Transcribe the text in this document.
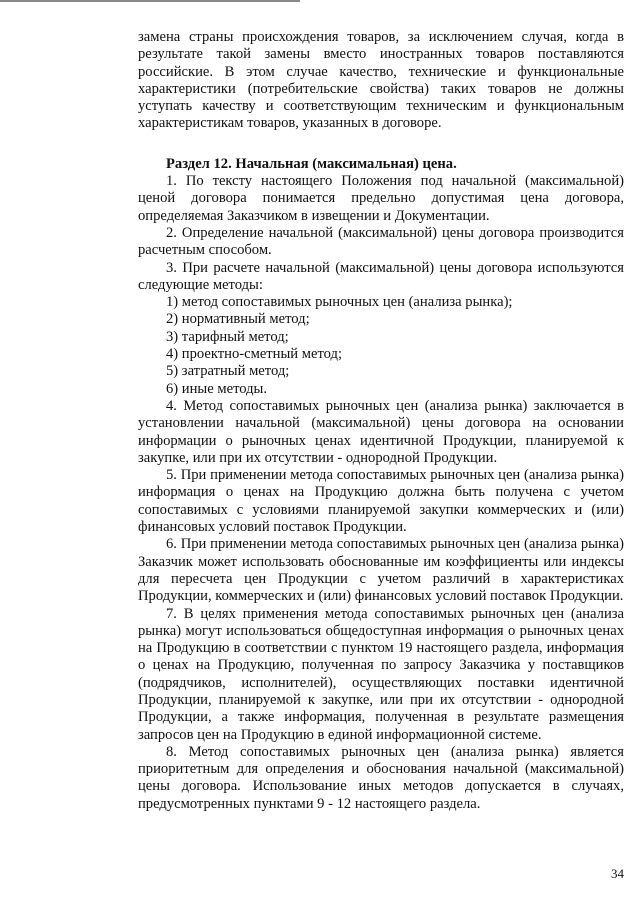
замена страны происхождения товаров, за исключением случая, когда в результате такой замены вместо иностранных товаров поставляются российские. В этом случае качество, технические и функциональные характеристики (потребительские свойства) таких товаров не должны уступать качеству и соответствующим техническим и функциональным характеристикам товаров, указанных в договоре.

Раздел 12. Начальная (максимальная) цена.

1. По тексту настоящего Положения под начальной (максимальной) ценой договора понимается предельно допустимая цена договора, определяемая Заказчиком в извещении и Документации.

2. Определение начальной (максимальной) цены договора производится расчетным способом.

3. При расчете начальной (максимальной) цены договора используются следующие методы:

1) метод сопоставимых рыночных цен (анализа рынка);

2) нормативный метод;

3) тарифный метод;

4) проектно-сметный метод;

5) затратный метод;

6) иные методы.

4. Метод сопоставимых рыночных цен (анализа рынка) заключается в установлении начальной (максимальной) цены договора на основании информации о рыночных ценах идентичной Продукции, планируемой к закупке, или при их отсутствии - однородной Продукции.

5. При применении метода сопоставимых рыночных цен (анализа рынка) информация о ценах на Продукцию должна быть получена с учетом сопоставимых с условиями планируемой закупки коммерческих и (или) финансовых условий поставок Продукции.

6. При применении метода сопоставимых рыночных цен (анализа рынка) Заказчик может использовать обоснованные им коэффициенты или индексы для пересчета цен Продукции с учетом различий в характеристиках Продукции, коммерческих и (или) финансовых условий поставок Продукции.

7. В целях применения метода сопоставимых рыночных цен (анализа рынка) могут использоваться общедоступная информация о рыночных ценах на Продукцию в соответствии с пунктом 19 настоящего раздела, информация о ценах на Продукцию, полученная по запросу Заказчика у поставщиков (подрядчиков, исполнителей), осуществляющих поставки идентичной Продукции, планируемой к закупке, или при их отсутствии - однородной Продукции, а также информация, полученная в результате размещения запросов цен на Продукцию в единой информационной системе.

8. Метод сопоставимых рыночных цен (анализа рынка) является приоритетным для определения и обоснования начальной (максимальной) цены договора. Использование иных методов допускается в случаях, предусмотренных пунктами 9 - 12 настоящего раздела.

34
